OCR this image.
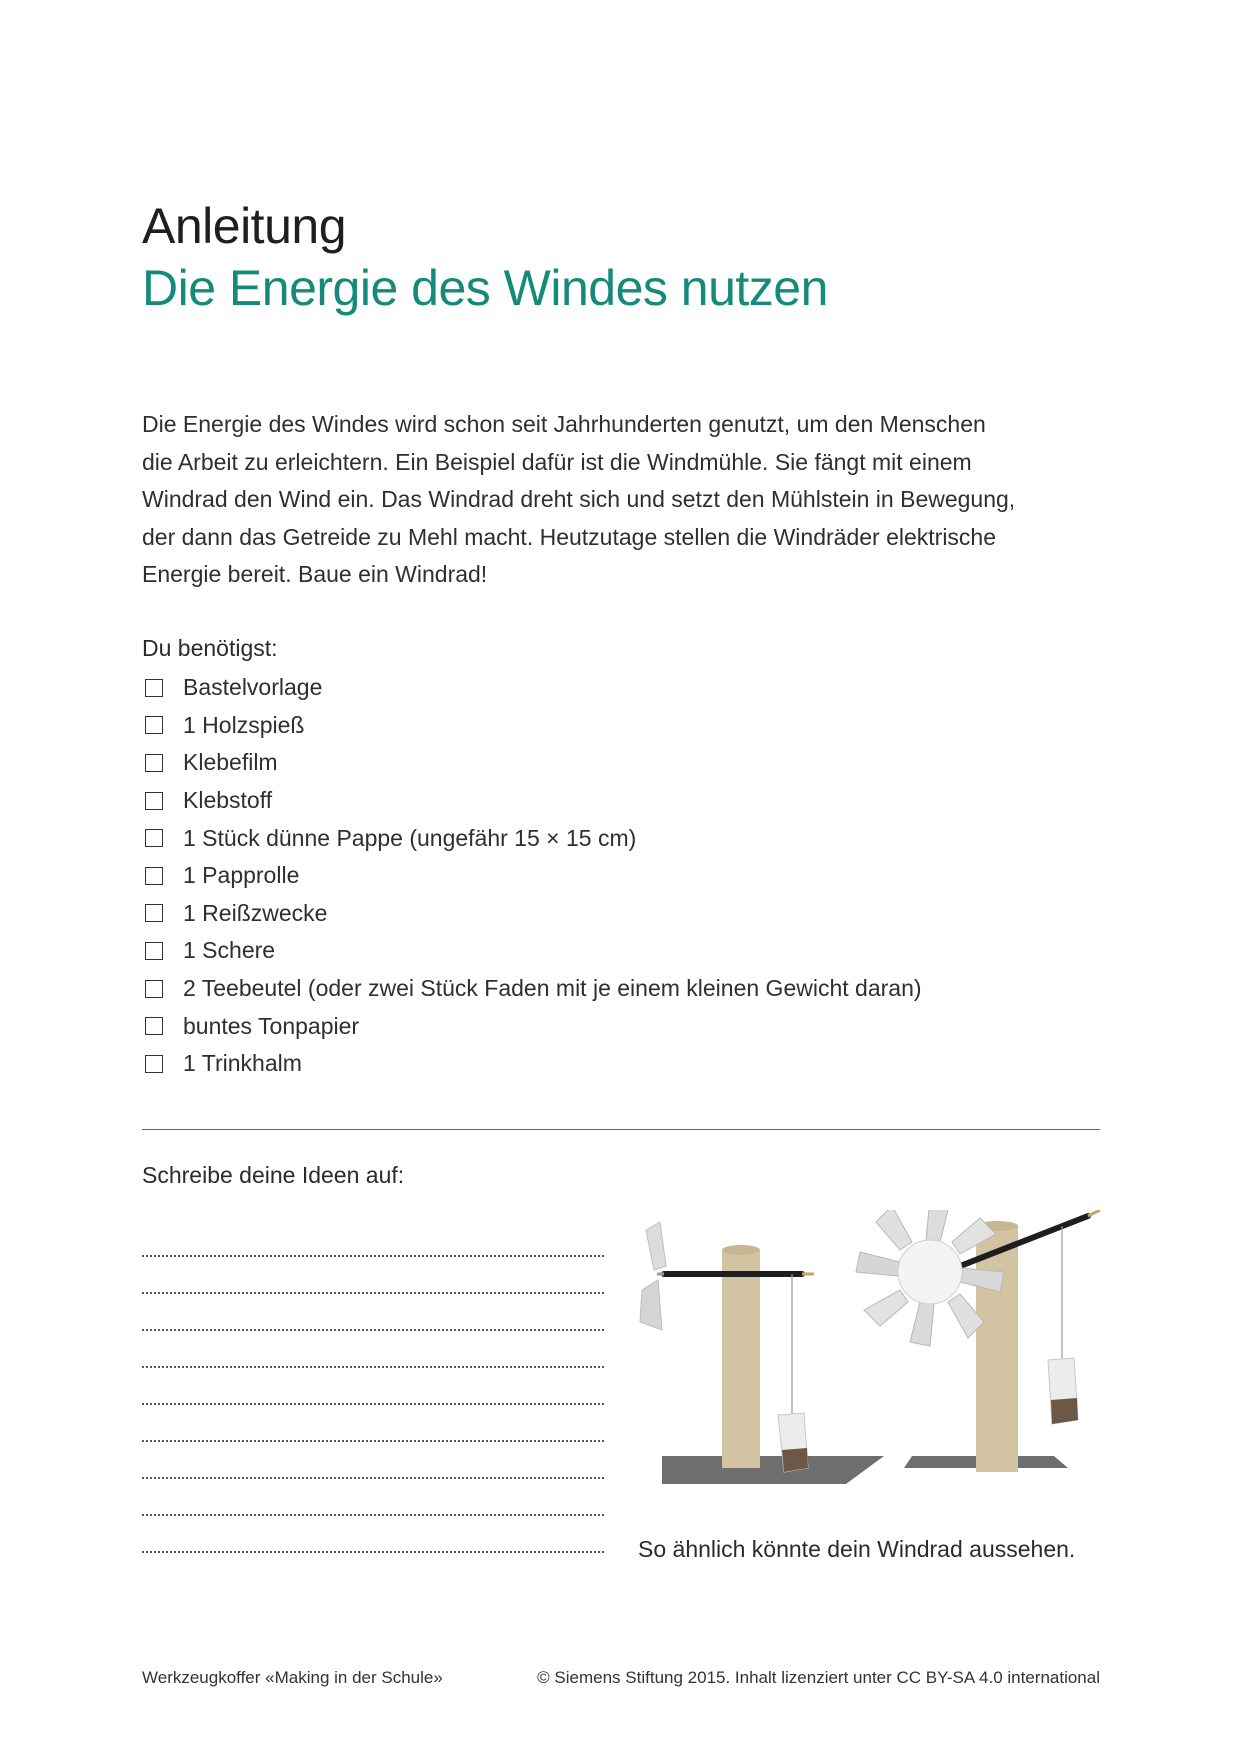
Anleitung
Die Energie des Windes nutzen

Die Energie des Windes wird schon seit Jahrhunderten genutzt, um den Menschen

die Arbeit zu erleichtern. Ein Beispiel dafür ist die Windmühle. Sie fängt mit einem

Windrad den Wind ein. Das Windrad dreht sich und setzt den Mühlstein in Bewegung,

der dann das Getreide zu Mehl macht. Heutzutage stellen die Windräder elektrische

Energie bereit. Baue ein Windrad!

Du benötigst:
Bastelvorlage
1 Holzspieß
Klebefilm
Klebstoff
1 Stück dünne Pappe (ungefähr 15 × 15 cm)
1 Papprolle
1 Reißzwecke
1 Schere
2 Teebeutel (oder zwei Stück Faden mit je einem kleinen Gewicht daran)
buntes Tonpapier
1 Trinkhalm
Schreibe deine Ideen auf:
So ähnlich könnte dein Windrad aussehen.
Werkzeugkoffer «Making in der Schule»	© Siemens Stiftung 2015. Inhalt lizenziert unter CC BY-SA 4.0 international
